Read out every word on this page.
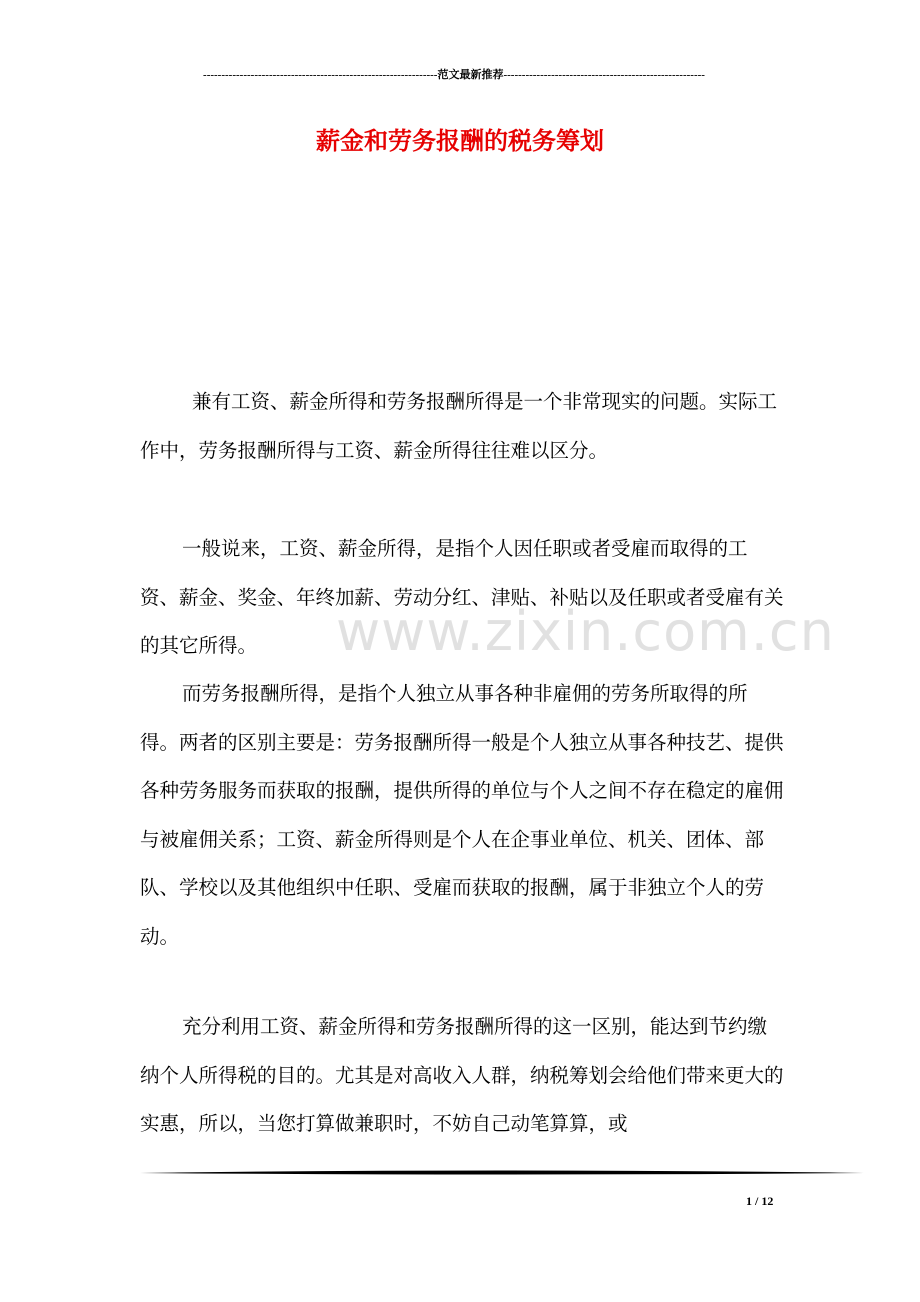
----------------------------------------------------------------范文最新推荐-------------------------------------------------------
薪金和劳务报酬的税务筹划

兼有工资、薪金所得和劳务报酬所得是一个非常现实的问题。实际工作中，劳务报酬所得与工资、薪金所得往往难以区分。

一般说来，工资、薪金所得，是指个人因任职或者受雇而取得的工资、薪金、奖金、年终加薪、劳动分红、津贴、补贴以及任职或者受雇有关的其它所得。

而劳务报酬所得，是指个人独立从事各种非雇佣的劳务所取得的所得。两者的区别主要是：劳务报酬所得一般是个人独立从事各种技艺、提供各种劳务服务而获取的报酬，提供所得的单位与个人之间不存在稳定的雇佣与被雇佣关系；工资、薪金所得则是个人在企事业单位、机关、团体、部队、学校以及其他组织中任职、受雇而获取的报酬，属于非独立个人的劳动。

充分利用工资、薪金所得和劳务报酬所得的这一区别，能达到节约缴纳个人所得税的目的。尤其是对高收入人群，纳税筹划会给他们带来更大的实惠，所以，当您打算做兼职时，不妨自己动笔算算，或

www.zixin.com.cn
1 / 12
